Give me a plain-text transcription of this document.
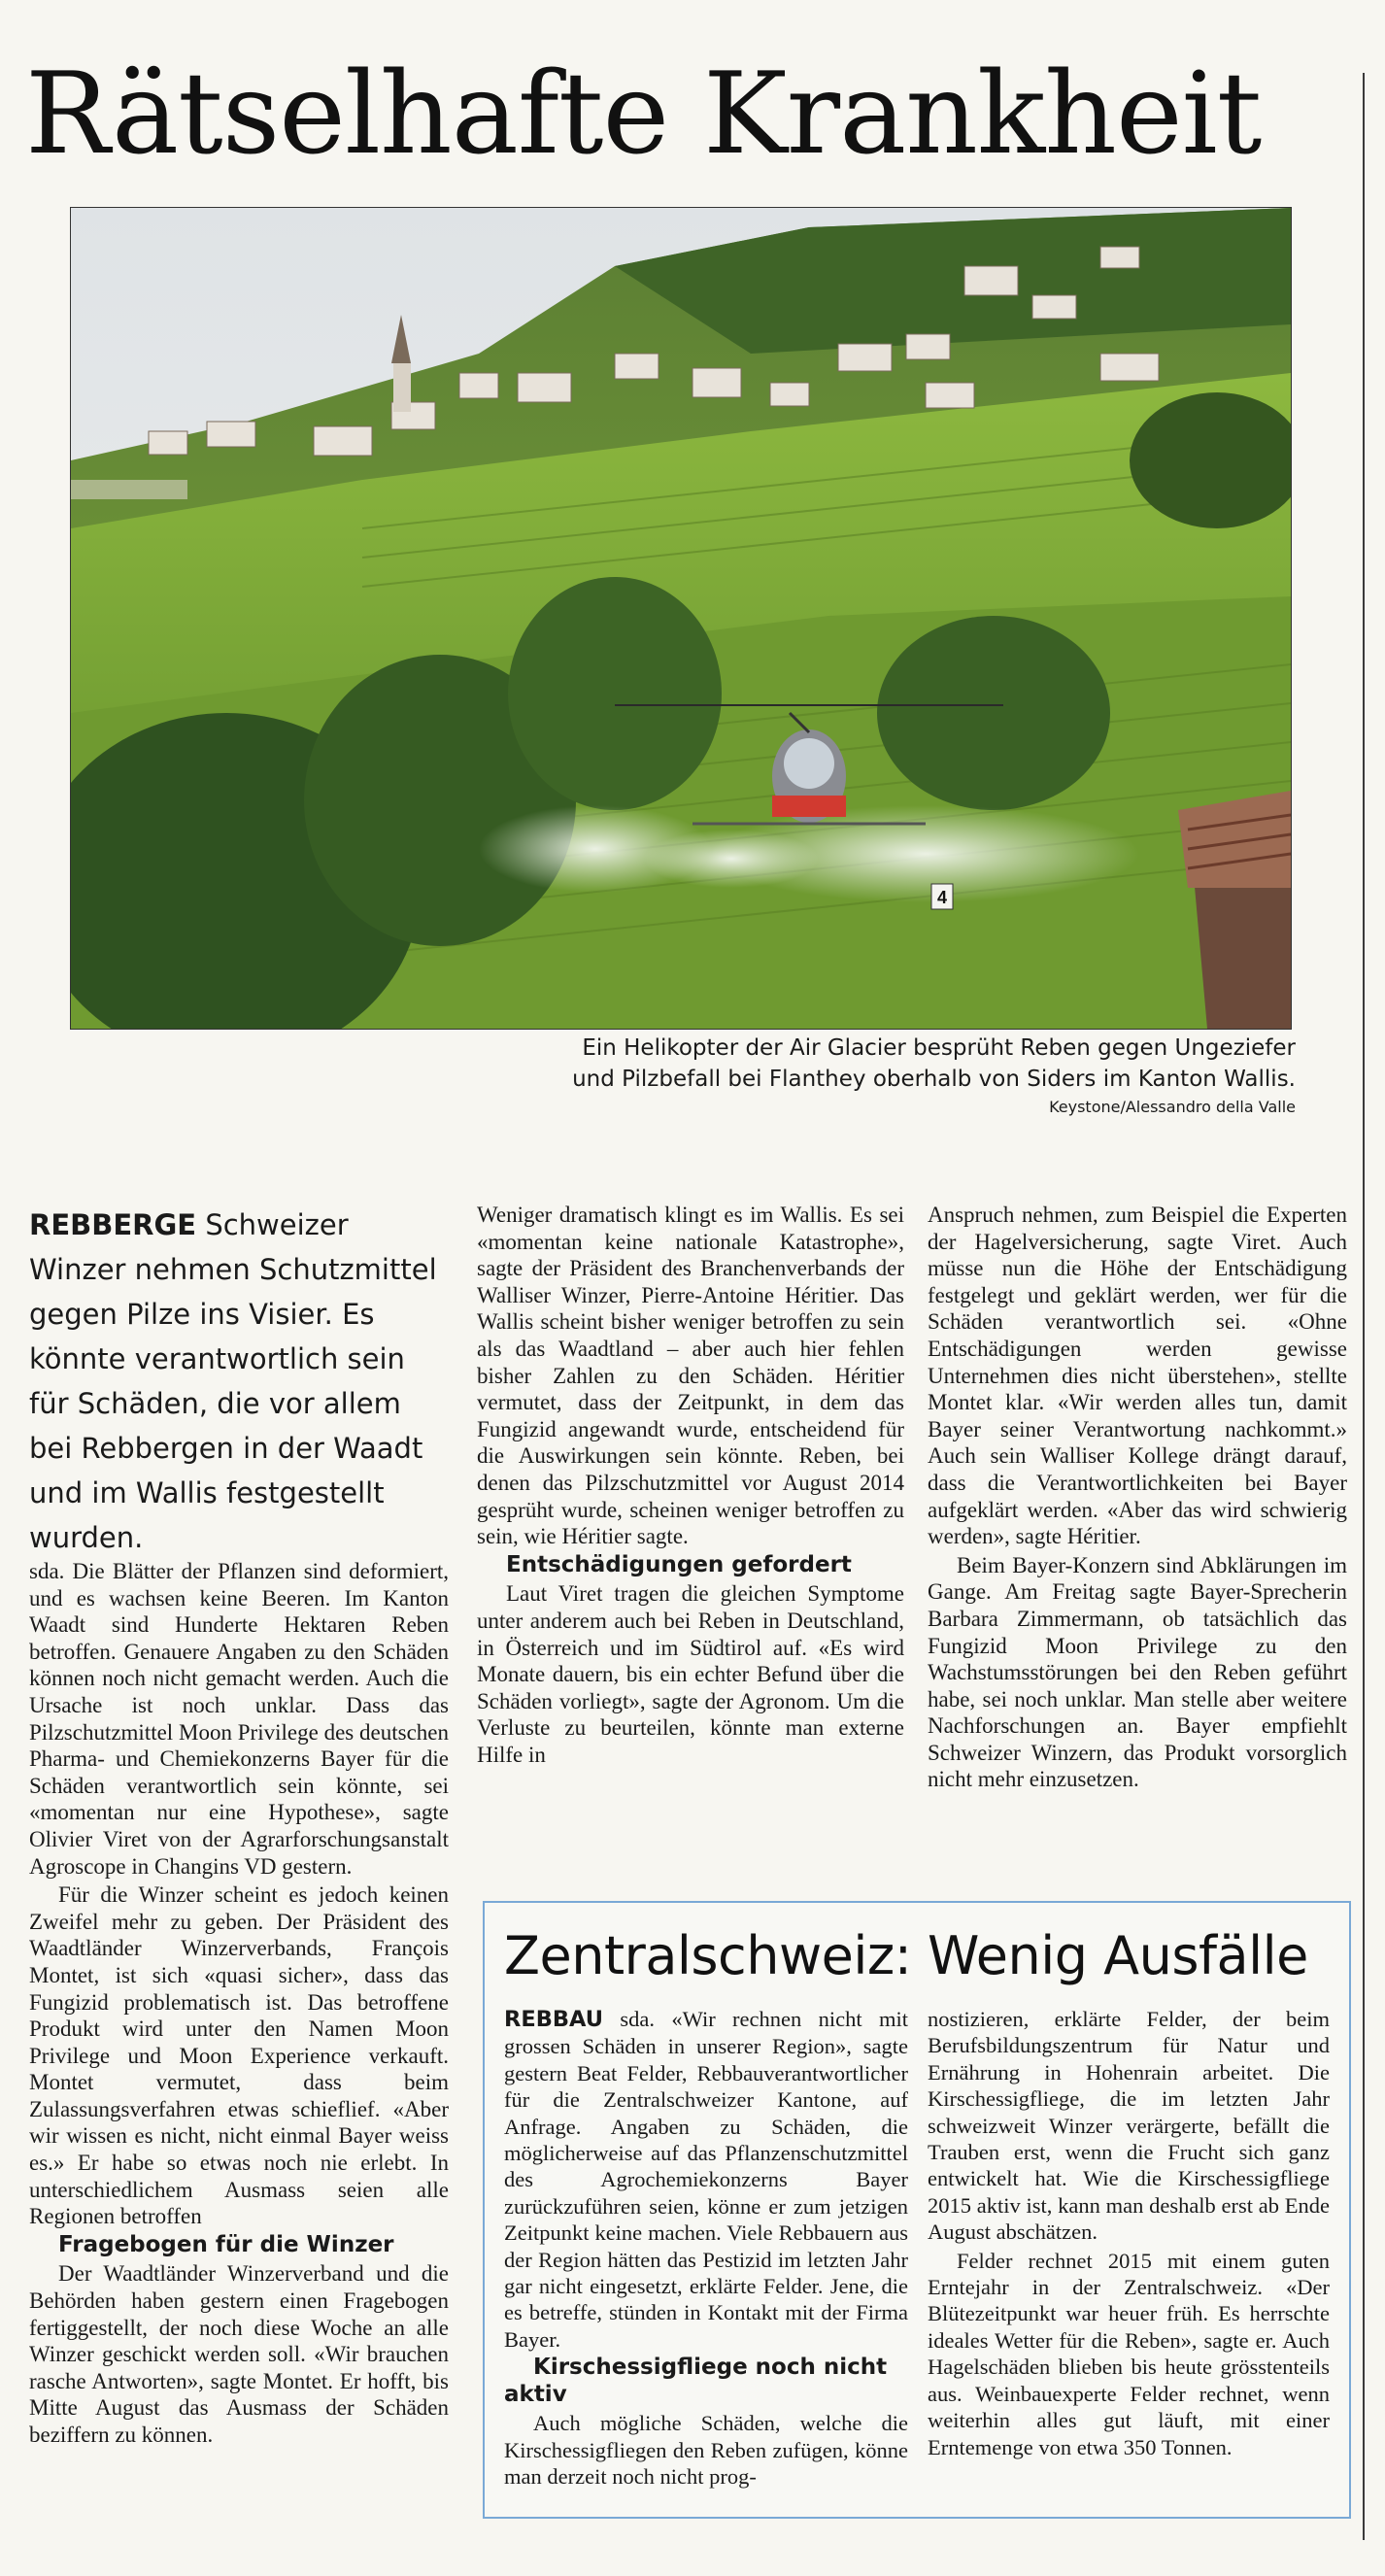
Rätselhafte Krankheit
4
Ein Helikopter der Air Glacier besprüht Reben gegen Ungeziefer
und Pilzbefall bei Flanthey oberhalb von Siders im Kanton Wallis.
Keystone/Alessandro della Valle
REBBERGE Schweizer Winzer nehmen Schutzmittel gegen Pilze ins Visier. Es könnte verantwortlich sein für Schäden, die vor allem bei Rebbergen in der Waadt und im Wallis festgestellt wurden.

sda. Die Blätter der Pflanzen sind deformiert, und es wachsen keine Beeren. Im Kanton Waadt sind Hunderte Hektaren Reben betroffen. Genauere Angaben zu den Schäden können noch nicht gemacht werden. Auch die Ursache ist noch unklar. Dass das Pilzschutzmittel Moon Privilege des deutschen Pharma- und Chemiekonzerns Bayer für die Schäden verantwortlich sein könnte, sei «momentan nur eine Hypothese», sagte Olivier Viret von der Agrarforschungsanstalt Agroscope in Changins VD gestern.

Für die Winzer scheint es jedoch keinen Zweifel mehr zu geben. Der Präsident des Waadtländer Winzerverbands, François Montet, ist sich «quasi sicher», dass das Fungizid problematisch ist. Das betroffene Produkt wird unter den Namen Moon Privilege und Moon Experience verkauft. Montet vermutet, dass beim Zulassungsverfahren etwas schieflief. «Aber wir wissen es nicht, nicht einmal Bayer weiss es.» Er habe so etwas noch nie erlebt. In unterschiedlichem Ausmass seien alle Regionen betroffen

Fragebogen für die Winzer

Der Waadtländer Winzerverband und die Behörden haben gestern einen Fragebogen fertiggestellt, der noch diese Woche an alle Winzer geschickt werden soll. «Wir brauchen rasche Antworten», sagte Montet. Er hofft, bis Mitte August das Ausmass der Schäden beziffern zu können.

Weniger dramatisch klingt es im Wallis. Es sei «momentan keine nationale Katastrophe», sagte der Präsident des Branchenverbands der Walliser Winzer, Pierre-Antoine Héritier. Das Wallis scheint bisher weniger betroffen zu sein als das Waadtland – aber auch hier fehlen bisher Zahlen zu den Schäden. Héritier vermutet, dass der Zeitpunkt, in dem das Fungizid angewandt wurde, entscheidend für die Auswirkungen sein könnte. Reben, bei denen das Pilzschutzmittel vor August 2014 gesprüht wurde, scheinen weniger betroffen zu sein, wie Héritier sagte.

Entschädigungen gefordert

Laut Viret tragen die gleichen Symptome unter anderem auch bei Reben in Deutschland, in Österreich und im Südtirol auf. «Es wird Monate dauern, bis ein echter Befund über die Schäden vorliegt», sagte der Agronom. Um die Verluste zu beurteilen, könnte man externe Hilfe in

Anspruch nehmen, zum Beispiel die Experten der Hagelversicherung, sagte Viret. Auch müsse nun die Höhe der Entschädigung festgelegt und geklärt werden, wer für die Schäden verantwortlich sei. «Ohne Entschädigungen werden gewisse Unternehmen dies nicht überstehen», stellte Montet klar. «Wir werden alles tun, damit Bayer seiner Verantwortung nachkommt.» Auch sein Walliser Kollege drängt darauf, dass die Verantwortlichkeiten bei Bayer aufgeklärt werden. «Aber das wird schwierig werden», sagte Héritier.

Beim Bayer-Konzern sind Abklärungen im Gange. Am Freitag sagte Bayer-Sprecherin Barbara Zimmermann, ob tatsächlich das Fungizid Moon Privilege zu den Wachstumsstörungen bei den Reben geführt habe, sei noch unklar. Man stelle aber weitere Nachforschungen an. Bayer empfiehlt Schweizer Winzern, das Produkt vorsorglich nicht mehr einzusetzen.

Zentralschweiz: Wenig Ausfälle

REBBAU sda. «Wir rechnen nicht mit grossen Schäden in unserer Region», sagte gestern Beat Felder, Rebbauverantwortlicher für die Zentralschweizer Kantone, auf Anfrage. Angaben zu Schäden, die möglicherweise auf das Pflanzenschutzmittel des Agrochemiekonzerns Bayer zurückzuführen seien, könne er zum jetzigen Zeitpunkt keine machen. Viele Rebbauern aus der Region hätten das Pestizid im letzten Jahr gar nicht eingesetzt, erklärte Felder. Jene, die es betreffe, stünden in Kontakt mit der Firma Bayer.

Kirschessigfliege noch nicht aktiv

Auch mögliche Schäden, welche die Kirschessigfliegen den Reben zufügen, könne man derzeit noch nicht prog-

nostizieren, erklärte Felder, der beim Berufsbildungszentrum für Natur und Ernährung in Hohenrain arbeitet. Die Kirschessigfliege, die im letzten Jahr schweizweit Winzer verärgerte, befällt die Trauben erst, wenn die Frucht sich ganz entwickelt hat. Wie die Kirschessigfliege 2015 aktiv ist, kann man deshalb erst ab Ende August abschätzen.

Felder rechnet 2015 mit einem guten Erntejahr in der Zentralschweiz. «Der Blütezeitpunkt war heuer früh. Es herrschte ideales Wetter für die Reben», sagte er. Auch Hagelschäden blieben bis heute grösstenteils aus. Weinbauexperte Felder rechnet, wenn weiterhin alles gut läuft, mit einer Erntemenge von etwa 350 Tonnen.
